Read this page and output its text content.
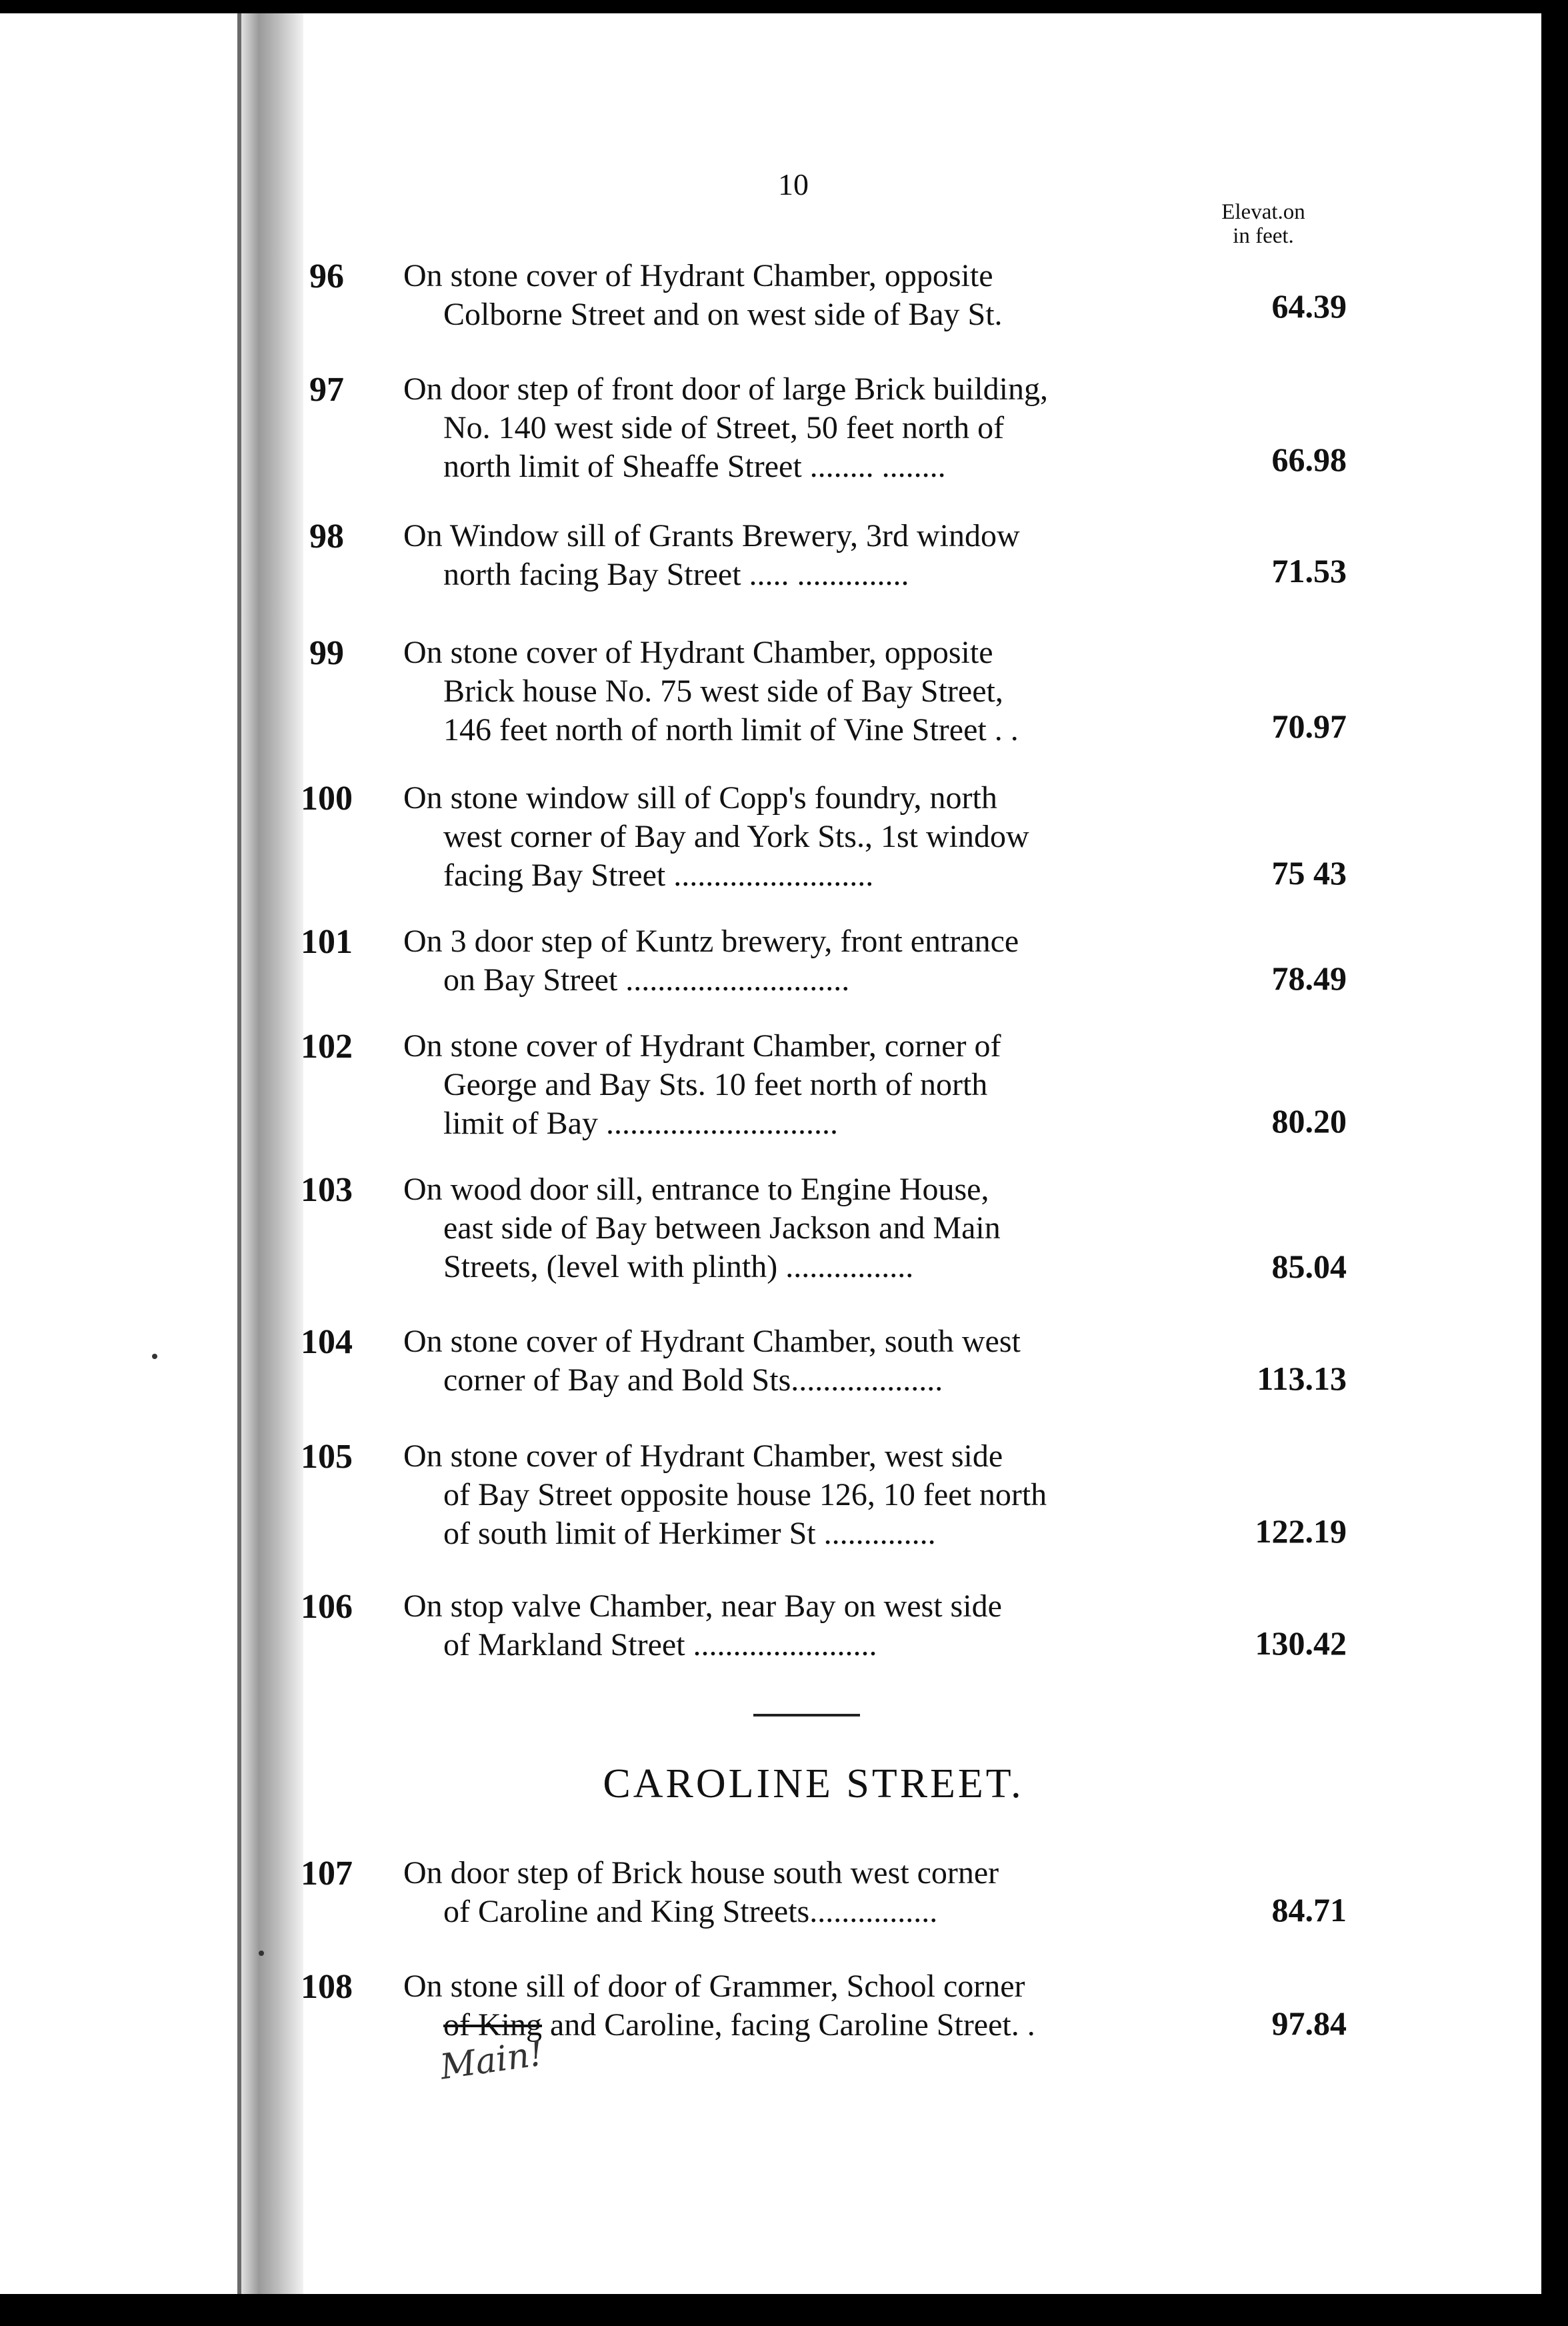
10
Elevat.on
in feet.
96	On stone cover of Hydrant Chamber, opposite
Colborne Street and on west side of Bay St.	64.39
97	On door step of front door of large Brick building,
No. 140 west side of Street, 50 feet north of
north limit of Sheaffe Street ........ ........	66.98
98	On Window sill of Grants Brewery, 3rd window
north facing Bay Street ..... ..............	71.53
99	On stone cover of Hydrant Chamber, opposite
Brick house No. 75 west side of Bay Street,
146 feet north of north limit of Vine Street . .	70.97
100	On stone window sill of Copp's foundry, north
west corner of Bay and York Sts., 1st window
facing Bay Street .........................	75 43
101	On 3 door step of Kuntz brewery, front entrance
on Bay Street ............................	78.49
102	On stone cover of Hydrant Chamber, corner of
George and Bay Sts. 10 feet north of north
limit of Bay .............................	80.20
103	On wood door sill, entrance to Engine House,
east side of Bay between Jackson and Main
Streets, (level with plinth) ................	85.04
104	On stone cover of Hydrant Chamber, south west
corner of Bay and Bold Sts...................	113.13
105	On stone cover of Hydrant Chamber, west side
of Bay Street opposite house 126, 10 feet north
of south limit of Herkimer St ..............	122.19
106	On stop valve Chamber, near Bay on west side
of Markland Street .......................	130.42
CAROLINE STREET.
107	On door step of Brick house south west corner
of Caroline and King Streets................	84.71
108	On stone sill of door of Grammer, School corner
of King and Caroline, facing Caroline Street. .	97.84
Main!
